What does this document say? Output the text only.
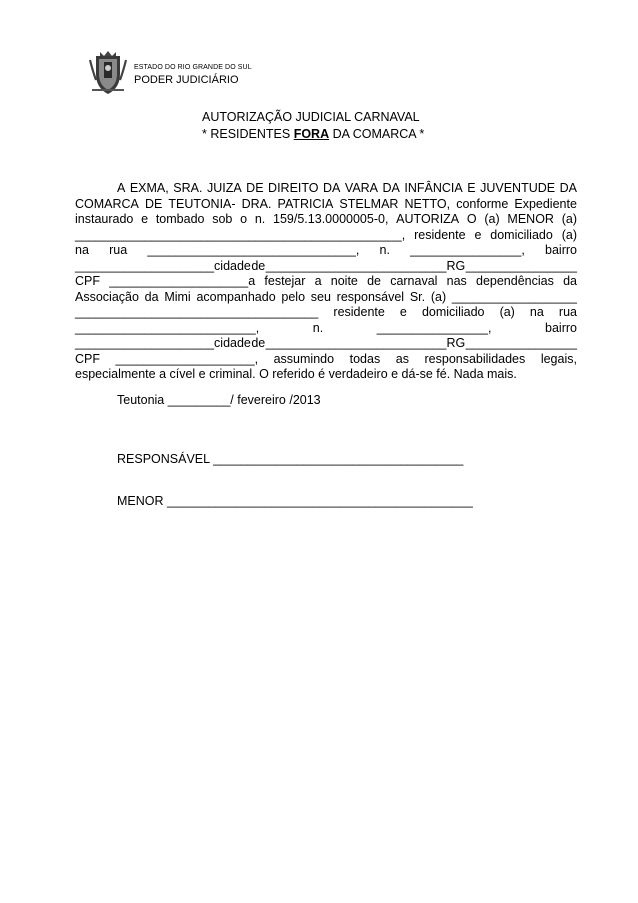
ESTADO DO RIO GRANDE DO SUL
PODER JUDICIÁRIO
AUTORIZAÇÃO JUDICIAL CARNAVAL
* RESIDENTES FORA DA COMARCA *
A EXMA, SRA. JUIZA DE DIREITO DA VARA DA INFÂNCIA E JUVENTUDE DA
COMARCA DE TEUTONIA- DRA. PATRICIA STELMAR NETTO, conforme Expediente
instaurado e tombado sob o n. 159/5.13.0000005-0, AUTORIZA O (a) MENOR (a)
_______________________________________________, residente e domiciliado (a)
na rua ______________________________, n. ________________, bairro
____________________cidade de __________________________RG ________________
CPF ____________________a festejar a noite de carnaval nas dependências da
Associação da Mimi acompanhado pelo seu responsável Sr. (a) __________________
___________________________________ residente e domiciliado (a) na rua
__________________________,	n.	________________,	bairro
____________________cidade de __________________________RG ________________
CPF ____________________, assumindo todas as responsabilidades legais,
especialmente a cível e criminal. O referido é verdadeiro e dá-se fé. Nada mais.
Teutonia _________/ fevereiro /2013
RESPONSÁVEL ____________________________________
MENOR ____________________________________________
